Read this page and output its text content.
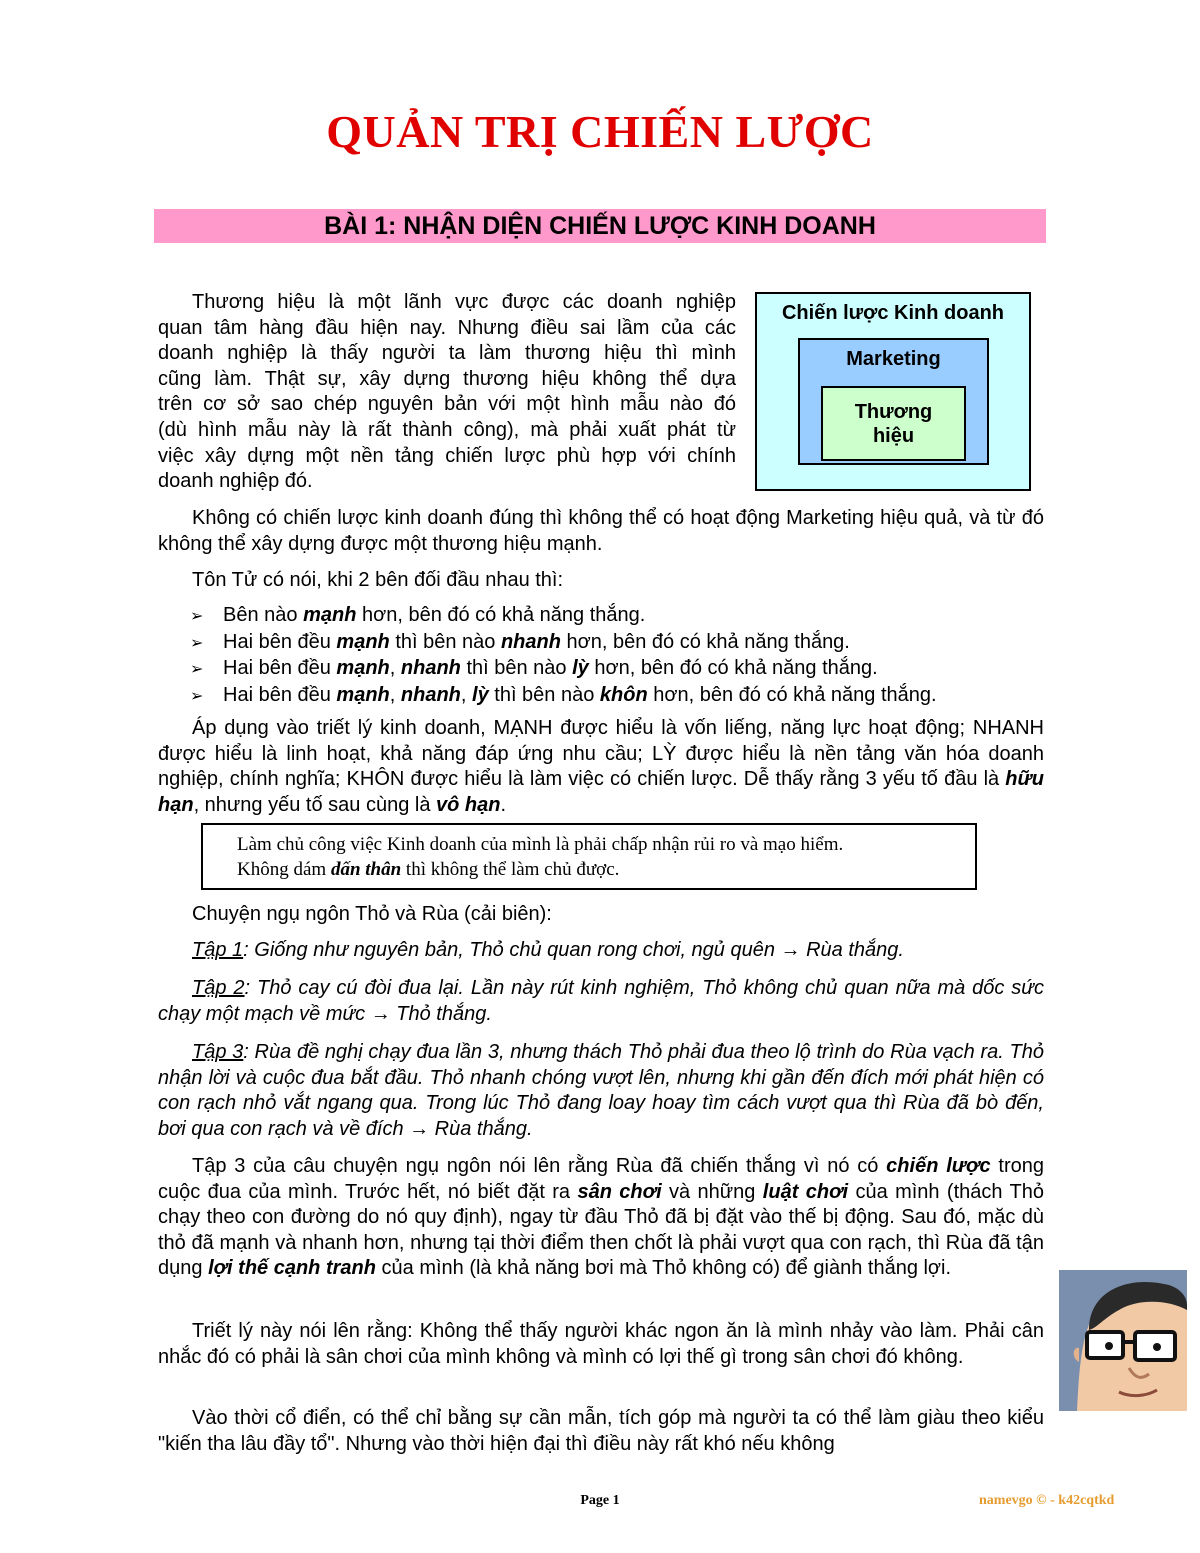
QUẢN TRỊ CHIẾN LƯỢC
BÀI 1: NHẬN DIỆN CHIẾN LƯỢC KINH DOANH

Thương hiệu là một lãnh vực được các doanh nghiệp
quan tâm hàng đầu hiện nay. Nhưng điều sai lầm của các
doanh nghiệp là thấy người ta làm thương hiệu thì mình
cũng làm. Thật sự, xây dựng thương hiệu không thể dựa
trên cơ sở sao chép nguyên bản với một hình mẫu nào đó
(dù hình mẫu này là rất thành công), mà phải xuất phát từ
việc xây dựng một nền tảng chiến lược phù hợp với chính
doanh nghiệp đó.

Chiến lược Kinh doanh
Marketing
Thương hiệu

Không có chiến lược kinh doanh đúng thì không thể có hoạt động Marketing hiệu quả, và từ đó không thể xây dựng được một thương hiệu mạnh.

Tôn Tử có nói, khi 2 bên đối đầu nhau thì:

➢ Bên nào mạnh hơn, bên đó có khả năng thắng.
➢ Hai bên đều mạnh thì bên nào nhanh hơn, bên đó có khả năng thắng.
➢ Hai bên đều mạnh, nhanh thì bên nào lỳ hơn, bên đó có khả năng thắng.
➢ Hai bên đều mạnh, nhanh, lỳ thì bên nào khôn hơn, bên đó có khả năng thắng.

Áp dụng vào triết lý kinh doanh, MẠNH được hiểu là vốn liếng, năng lực hoạt động; NHANH được hiểu là linh hoạt, khả năng đáp ứng nhu cầu; LỲ được hiểu là nền tảng văn hóa doanh nghiệp, chính nghĩa; KHÔN được hiểu là làm việc có chiến lược. Dễ thấy rằng 3 yếu tố đầu là hữu hạn, nhưng yếu tố sau cùng là vô hạn.

Làm chủ công việc Kinh doanh của mình là phải chấp nhận rủi ro và mạo hiểm.
Không dám dấn thân thì không thể làm chủ được.

Chuyện ngụ ngôn Thỏ và Rùa (cải biên):

Tập 1: Giống như nguyên bản, Thỏ chủ quan rong chơi, ngủ quên → Rùa thắng.

Tập 2: Thỏ cay cú đòi đua lại. Lần này rút kinh nghiệm, Thỏ không chủ quan nữa mà dốc sức chạy một mạch về mức → Thỏ thắng.

Tập 3: Rùa đề nghị chạy đua lần 3, nhưng thách Thỏ phải đua theo lộ trình do Rùa vạch ra. Thỏ nhận lời và cuộc đua bắt đầu. Thỏ nhanh chóng vượt lên, nhưng khi gần đến đích mới phát hiện có con rạch nhỏ vắt ngang qua. Trong lúc Thỏ đang loay hoay tìm cách vượt qua thì Rùa đã bò đến, bơi qua con rạch và về đích → Rùa thắng.

Tập 3 của câu chuyện ngụ ngôn nói lên rằng Rùa đã chiến thắng vì nó có chiến lược trong cuộc đua của mình. Trước hết, nó biết đặt ra sân chơi và những luật chơi của mình (thách Thỏ chạy theo con đường do nó quy định), ngay từ đầu Thỏ đã bị đặt vào thế bị động. Sau đó, mặc dù thỏ đã mạnh và nhanh hơn, nhưng tại thời điểm then chốt là phải vượt qua con rạch, thì Rùa đã tận dụng lợi thế cạnh tranh của mình (là khả năng bơi mà Thỏ không có) để giành thắng lợi.

Triết lý này nói lên rằng: Không thể thấy người khác ngon ăn là mình nhảy vào làm. Phải cân nhắc đó có phải là sân chơi của mình không và mình có lợi thế gì trong sân chơi đó không.

Vào thời cổ điển, có thể chỉ bằng sự cần mẫn, tích góp mà người ta có thể làm giàu theo kiểu "kiến tha lâu đầy tổ". Nhưng vào thời hiện đại thì điều này rất khó nếu không

Page 1	namevgo © - k42cqtkd
